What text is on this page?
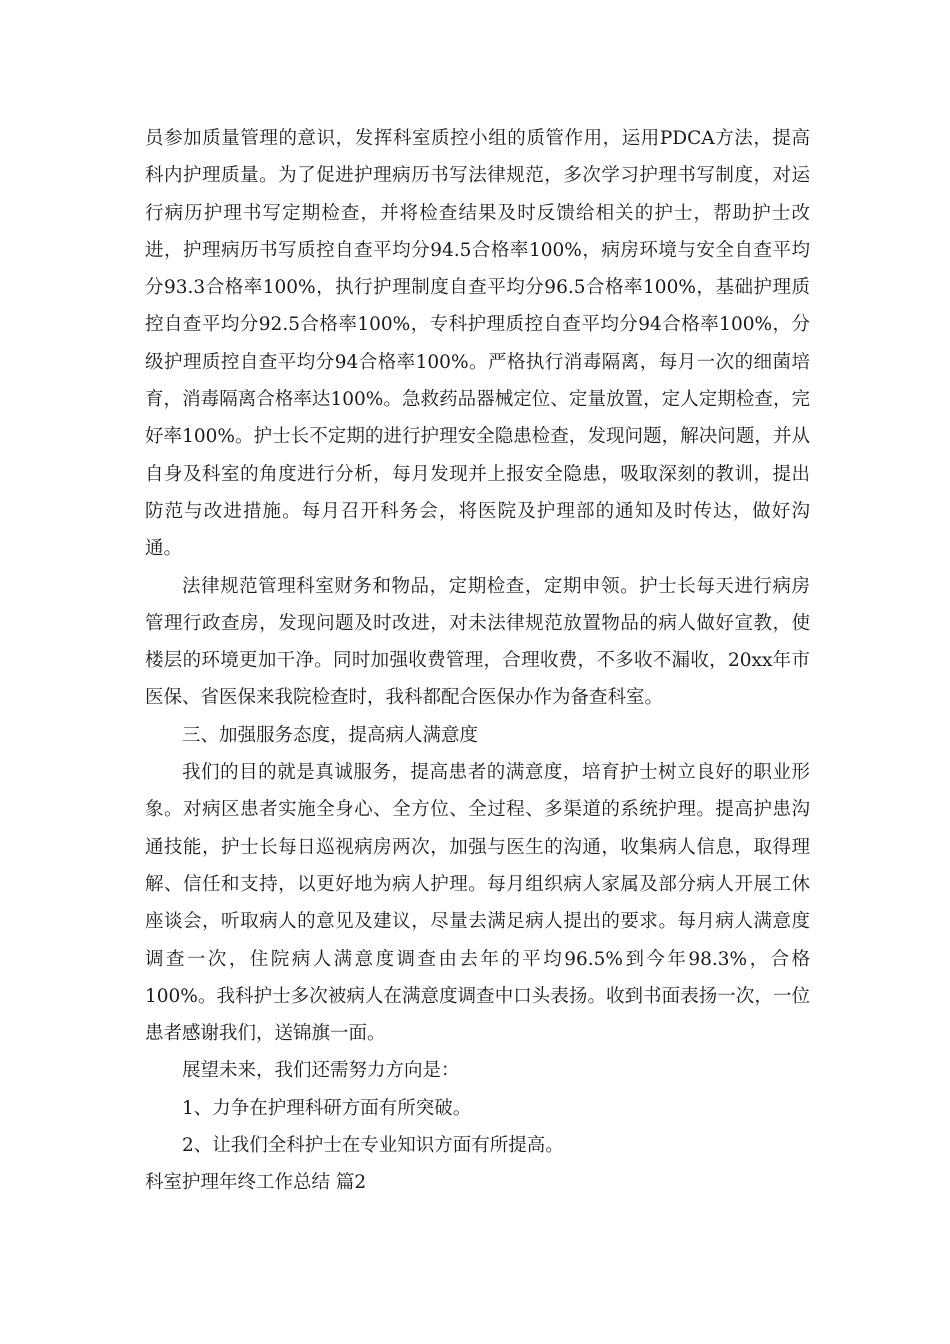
员参加质量管理的意识，发挥科室质控小组的质管作用，运用PDCA方法，提高科内护理质量。为了促进护理病历书写法律规范，多次学习护理书写制度，对运行病历护理书写定期检查，并将检查结果及时反馈给相关的护士，帮助护士改进，护理病历书写质控自查平均分94.5合格率100%，病房环境与安全自查平均分93.3合格率100%，执行护理制度自查平均分96.5合格率100%，基础护理质控自查平均分92.5合格率100%，专科护理质控自查平均分94合格率100%，分级护理质控自查平均分94合格率100%。严格执行消毒隔离，每月一次的细菌培育，消毒隔离合格率达100%。急救药品器械定位、定量放置，定人定期检查，完好率100%。护士长不定期的进行护理安全隐患检查，发现问题，解决问题，并从自身及科室的角度进行分析，每月发现并上报安全隐患，吸取深刻的教训，提出防范与改进措施。每月召开科务会，将医院及护理部的通知及时传达，做好沟通。

法律规范管理科室财务和物品，定期检查，定期申领。护士长每天进行病房管理行政查房，发现问题及时改进，对未法律规范放置物品的病人做好宣教，使楼层的环境更加干净。同时加强收费管理，合理收费，不多收不漏收，20xx年市医保、省医保来我院检查时，我科都配合医保办作为备查科室。

三、加强服务态度，提高病人满意度

我们的目的就是真诚服务，提高患者的满意度，培育护士树立良好的职业形象。对病区患者实施全身心、全方位、全过程、多渠道的系统护理。提高护患沟通技能，护士长每日巡视病房两次，加强与医生的沟通，收集病人信息，取得理解、信任和支持，以更好地为病人护理。每月组织病人家属及部分病人开展工休座谈会，听取病人的意见及建议，尽量去满足病人提出的要求。每月病人满意度调查一次，住院病人满意度调查由去年的平均96.5%到今年98.3%，合格100%。我科护士多次被病人在满意度调查中口头表扬。收到书面表扬一次，一位患者感谢我们，送锦旗一面。

展望未来，我们还需努力方向是：

1、力争在护理科研方面有所突破。

2、让我们全科护士在专业知识方面有所提高。

科室护理年终工作总结 篇2
